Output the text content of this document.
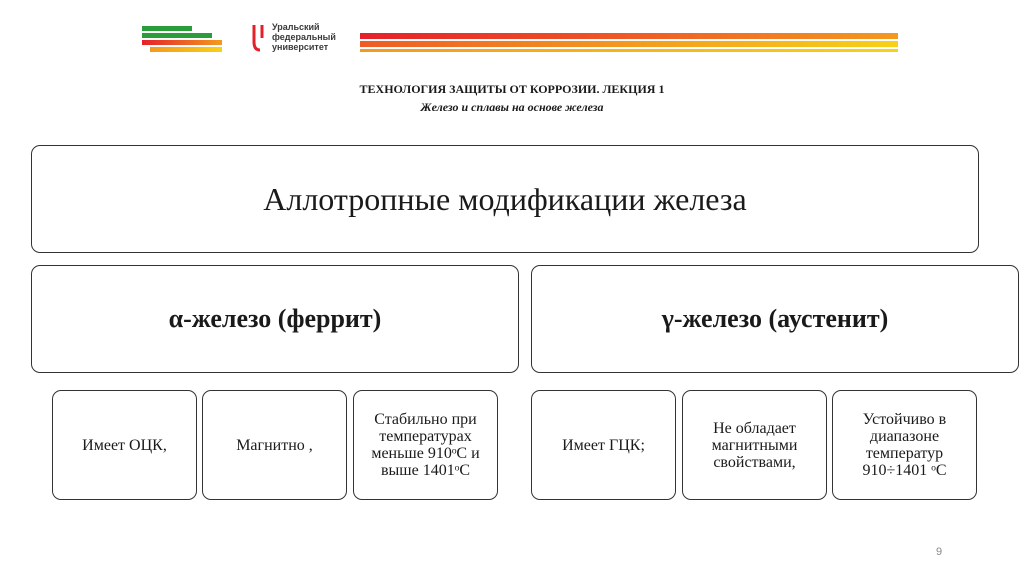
Уральский
федеральный
университет
ТЕХНОЛОГИЯ ЗАЩИТЫ ОТ КОРРОЗИИ. ЛЕКЦИЯ 1
Железо и сплавы на основе железа
Аллотропные модификации железа
α-железо (феррит)	γ-железо (аустенит)
Имеет ОЦК,	Магнитно ,
Стабильно при температурах меньше 910ᵒС и выше 1401ᵒС
Имеет ГЦК;
Не обладает магнитными свойствами,
Устойчиво в диапазоне температур 910÷1401 ᵒС
9
